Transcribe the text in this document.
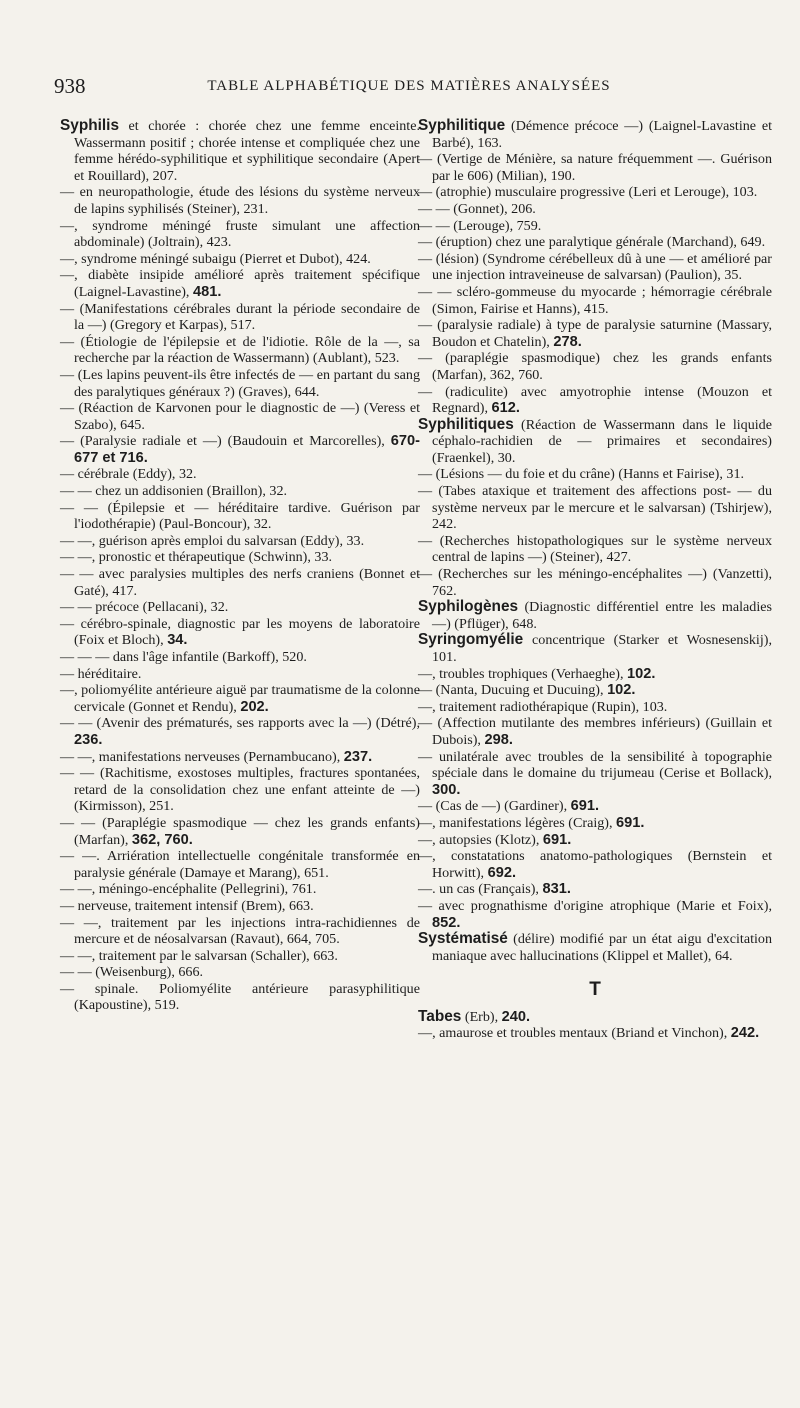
938	TABLE ALPHABÉTIQUE DES MATIÈRES ANALYSÉES

Syphilis et chorée : chorée chez une femme enceinte. Wassermann positif ; chorée intense et compliquée chez une femme hérédo-syphilitique et syphilitique secondaire (Apert et Rouillard), 207.

— en neuropathologie, étude des lésions du système nerveux de lapins syphilisés (Steiner), 231.

—, syndrome méningé fruste simulant une affection abdominale) (Joltrain), 423.

—, syndrome méningé subaigu (Pierret et Dubot), 424.

—, diabète insipide amélioré après traitement spécifique (Laignel-Lavastine), 481.

— (Manifestations cérébrales durant la période secondaire de la —) (Gregory et Karpas), 517.

— (Étiologie de l'épilepsie et de l'idiotie. Rôle de la —, sa recherche par la réaction de Wassermann) (Aublant), 523.

— (Les lapins peuvent-ils être infectés de — en partant du sang des paralytiques généraux ?) (Graves), 644.

— (Réaction de Karvonen pour le diagnostic de —) (Veress et Szabo), 645.

— (Paralysie radiale et —) (Baudouin et Marcorelles), 670-677 et 716.

— cérébrale (Eddy), 32.

— — chez un addisonien (Braillon), 32.

— — (Épilepsie et — héréditaire tardive. Guérison par l'iodothérapie) (Paul-Boncour), 32.

— —, guérison après emploi du salvarsan (Eddy), 33.

— —, pronostic et thérapeutique (Schwinn), 33.

— — avec paralysies multiples des nerfs craniens (Bonnet et Gaté), 417.

— — précoce (Pellacani), 32.

— cérébro-spinale, diagnostic par les moyens de laboratoire (Foix et Bloch), 34.

— — — dans l'âge infantile (Barkoff), 520.

— héréditaire.

—, poliomyélite antérieure aiguë par traumatisme de la colonne cervicale (Gonnet et Rendu), 202.

— — (Avenir des prématurés, ses rapports avec la —) (Détré), 236.

— —, manifestations nerveuses (Pernambucano), 237.

— — (Rachitisme, exostoses multiples, fractures spontanées, retard de la consolidation chez une enfant atteinte de —) (Kirmisson), 251.

— — (Paraplégie spasmodique — chez les grands enfants) (Marfan), 362, 760.

— —. Arriération intellectuelle congénitale transformée en paralysie générale (Damaye et Marang), 651.

— —, méningo-encéphalite (Pellegrini), 761.

— nerveuse, traitement intensif (Brem), 663.

— —, traitement par les injections intra-rachidiennes de mercure et de néosalvarsan (Ravaut), 664, 705.

— —, traitement par le salvarsan (Schaller), 663.

— — (Weisenburg), 666.

— spinale. Poliomyélite antérieure parasyphilitique (Kapoustine), 519.

Syphilitique (Démence précoce —) (Laignel-Lavastine et Barbé), 163.

— (Vertige de Ménière, sa nature fréquemment —. Guérison par le 606) (Milian), 190.

— (atrophie) musculaire progressive (Leri et Lerouge), 103.

— — (Gonnet), 206.

— — (Lerouge), 759.

— (éruption) chez une paralytique générale (Marchand), 649.

— (lésion) (Syndrome cérébelleux dû à une — et amélioré par une injection intraveineuse de salvarsan) (Paulion), 35.

— — scléro-gommeuse du myocarde ; hémorragie cérébrale (Simon, Fairise et Hanns), 415.

— (paralysie radiale) à type de paralysie saturnine (Massary, Boudon et Chatelin), 278.

— (paraplégie spasmodique) chez les grands enfants (Marfan), 362, 760.

— (radiculite) avec amyotrophie intense (Mouzon et Regnard), 612.

Syphilitiques (Réaction de Wassermann dans le liquide céphalo-rachidien de — primaires et secondaires) (Fraenkel), 30.

— (Lésions — du foie et du crâne) (Hanns et Fairise), 31.

— (Tabes ataxique et traitement des affections post- — du système nerveux par le mercure et le salvarsan) (Tshirjew), 242.

— (Recherches histopathologiques sur le système nerveux central de lapins —) (Steiner), 427.

— (Recherches sur les méningo-encéphalites —) (Vanzetti), 762.

Syphilogènes (Diagnostic différentiel entre les maladies —) (Pflüger), 648.

Syringomyélie concentrique (Starker et Wosnesenskij), 101.

—, troubles trophiques (Verhaeghe), 102.

— (Nanta, Ducuing et Ducuing), 102.

—, traitement radiothérapique (Rupin), 103.

— (Affection mutilante des membres inférieurs) (Guillain et Dubois), 298.

— unilatérale avec troubles de la sensibilité à topographie spéciale dans le domaine du trijumeau (Cerise et Bollack), 300.

— (Cas de —) (Gardiner), 691.

—, manifestations légères (Craig), 691.

—, autopsies (Klotz), 691.

—, constatations anatomo-pathologiques (Bernstein et Horwitt), 692.

—. un cas (Français), 831.

— avec prognathisme d'origine atrophique (Marie et Foix), 852.

Systématisé (délire) modifié par un état aigu d'excitation maniaque avec hallucinations (Klippel et Mallet), 64.

T

Tabes (Erb), 240.

—, amaurose et troubles mentaux (Briand et Vinchon), 242.
